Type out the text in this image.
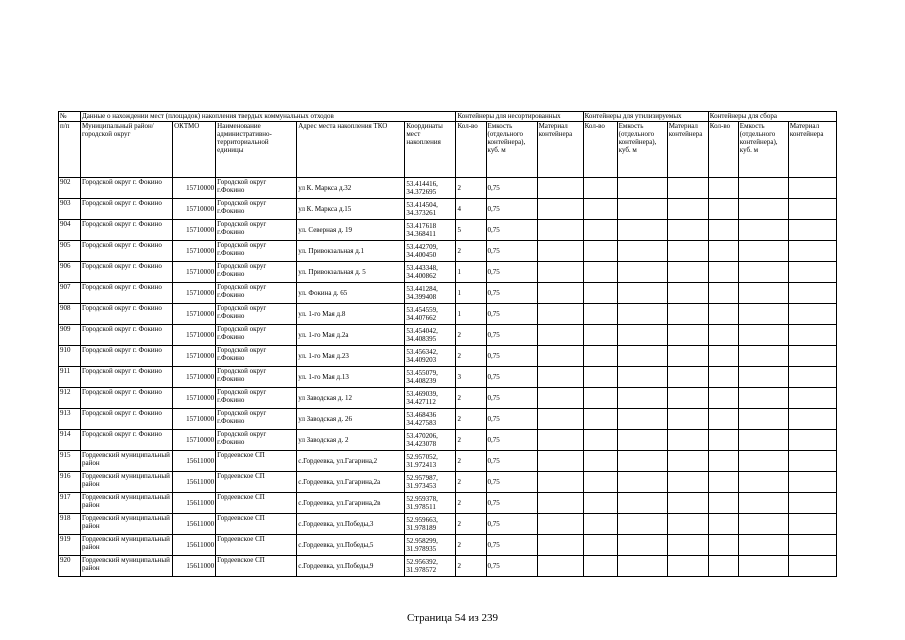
№	Данные о нахождении мест (площадок) накопления твердых коммунальных отходов					Контейнеры для несортированных			Контейнеры для утилизируемых			Контейнеры для сбора		
п/п	Муниципальный район/городской округ	ОКТМО	Наименование административно-территориальной единицы	Адрес места накопления ТКО	Координаты мест накопления	Кол-во	Емкость (отдельного контейнера), куб. м	Материал контейнера	Кол-во	Емкость (отдельного контейнера), куб. м	Материал контейнера	Кол-во	Емкость (отдельного контейнера), куб. м	Материал контейнера
902	Городской округ г. Фокино	15710000	Городской округ г.Фокино	ул К. Маркса д.32	53.414416, 34.372695	2	0,75							
903	Городской округ г. Фокино	15710000	Городской округ г.Фокино	ул К. Маркса д.15	53.414504, 34.373261	4	0,75							
904	Городской округ г. Фокино	15710000	Городской округ г.Фокино	ул. Северная д. 19	53.417618 34.368411	5	0,75							
905	Городской округ г. Фокино	15710000	Городской округ г.Фокино	ул. Привокзальная д.1	53.442709, 34.400450	2	0,75							
906	Городской округ г. Фокино	15710000	Городской округ г.Фокино	ул. Привокзальная д. 5	53.443348, 34.400862	1	0,75							
907	Городской округ г. Фокино	15710000	Городской округ г.Фокино	ул. Фокина д. 65	53.441284, 34.399408	1	0,75							
908	Городской округ г. Фокино	15710000	Городской округ г.Фокино	ул. 1-го Мая д.8	53.454559, 34.407662	1	0,75							
909	Городской округ г. Фокино	15710000	Городской округ г.Фокино	ул. 1-го Мая д.2а	53.454042, 34.408395	2	0,75							
910	Городской округ г. Фокино	15710000	Городской округ г.Фокино	ул. 1-го Мая д.23	53.456342, 34.409203	2	0,75							
911	Городской округ г. Фокино	15710000	Городской округ г.Фокино	ул. 1-го Мая д.13	53.455079, 34.408239	3	0,75							
912	Городской округ г. Фокино	15710000	Городской округ г.Фокино	ул Заводская д. 12	53.469039, 34.427112	2	0,75							
913	Городской округ г. Фокино	15710000	Городской округ г.Фокино	ул Заводская д. 26	53.468436 34.427583	2	0,75							
914	Городской округ г. Фокино	15710000	Городской округ г.Фокино	ул Заводская д. 2	53.470206, 34.423078	2	0,75							
915	Гордеевский муниципальный район	15611000	Гордеевское СП	с.Гордеевка, ул.Гагарина,2	52.957052, 31.972413	2	0,75							
916	Гордеевский муниципальный район	15611000	Гордеевское СП	с.Гордеевка, ул.Гагарина,2а	52.957987, 31.973453	2	0,75							
917	Гордеевский муниципальный район	15611000	Гордеевское СП	с.Гордеевка, ул.Гагарина,2в	52.959378, 31.978511	2	0,75							
918	Гордеевский муниципальный район	15611000	Гордеевское СП	с.Гордеевка, ул.Победы,3	52.959663, 31.978189	2	0,75							
919	Гордеевский муниципальный район	15611000	Гордеевское СП	с.Гордеевка, ул.Победы,5	52.958299, 31.978935	2	0,75							
920	Гордеевский муниципальный район	15611000	Гордеевское СП	с.Гордеевка, ул.Победы,9	52.956392, 31.978572	2	0,75							
Страница 54 из 239
